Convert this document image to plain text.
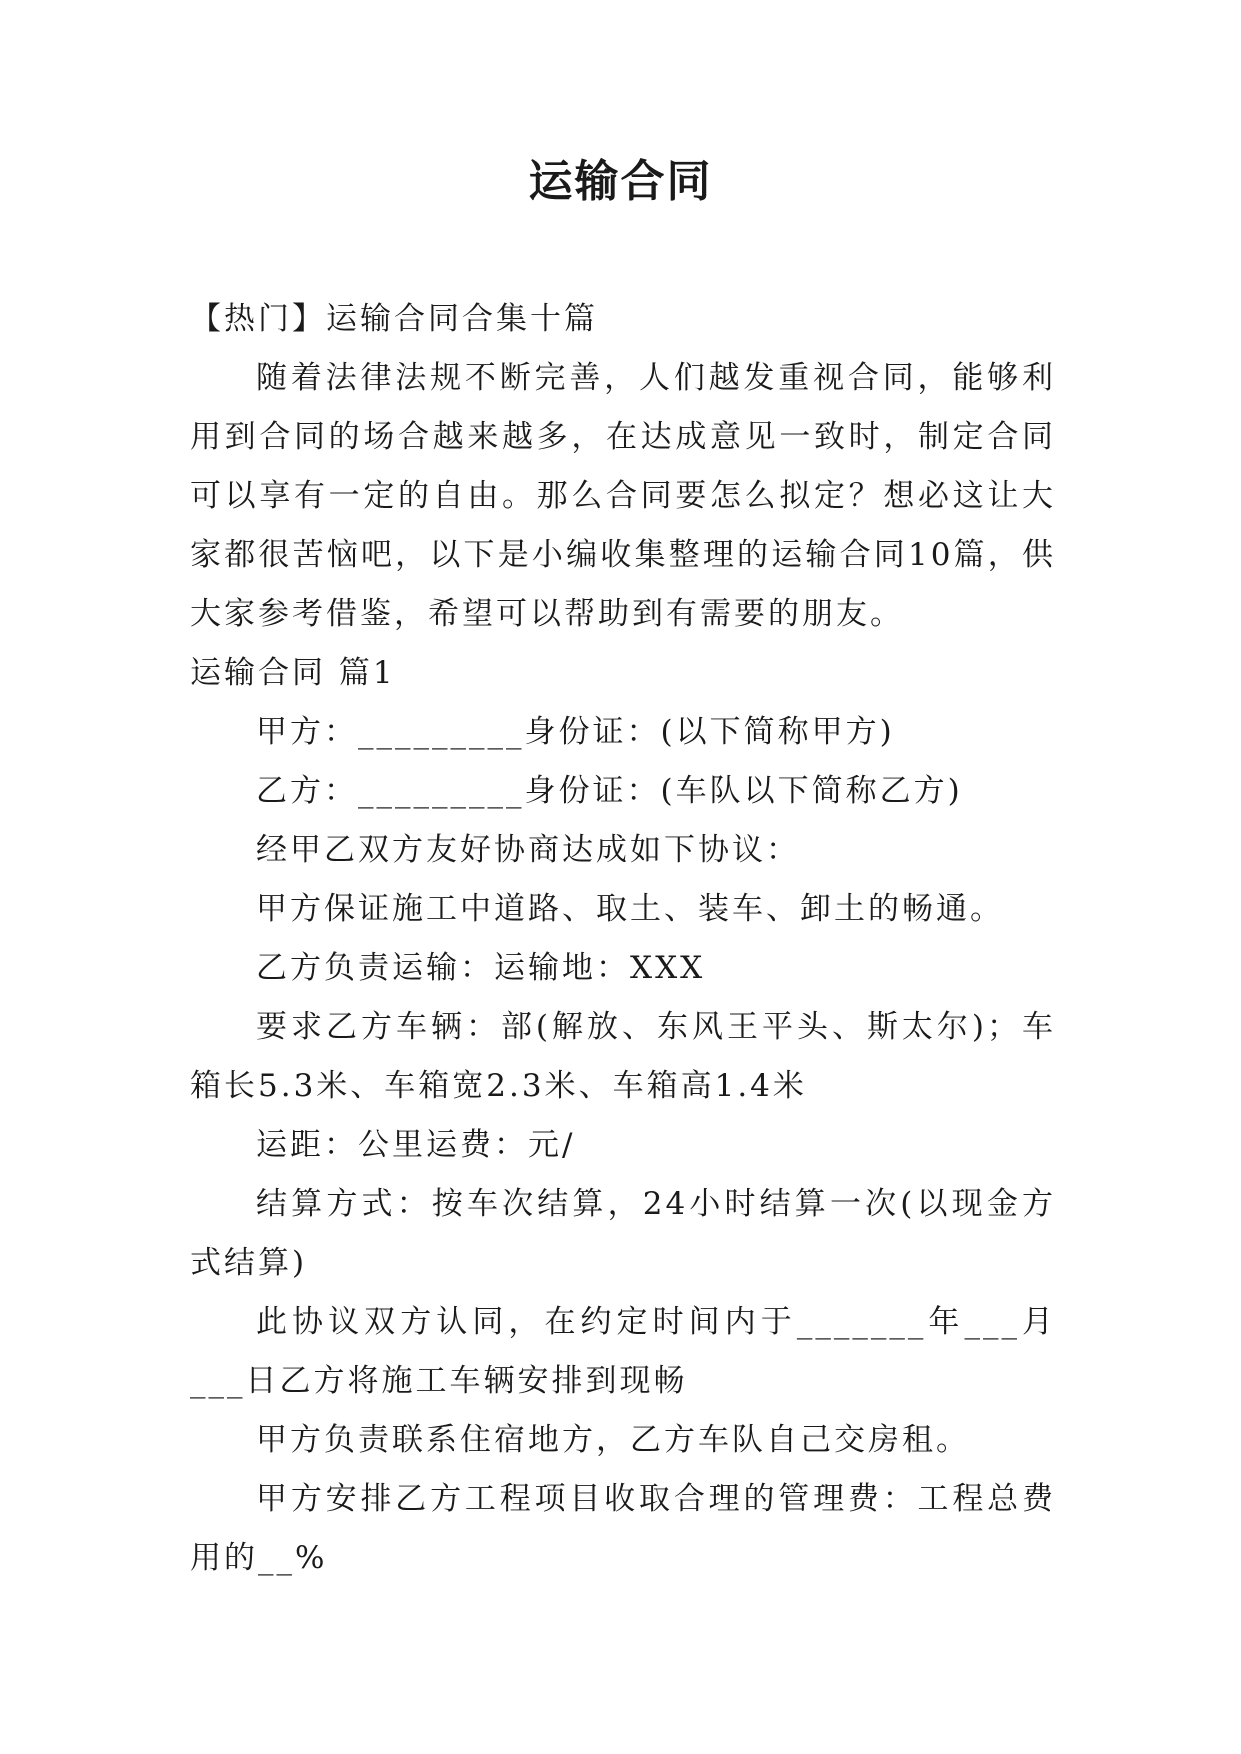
运输合同

【热门】运输合同合集十篇

随着法律法规不断完善，人们越发重视合同，能够利用到合同的场合越来越多，在达成意见一致时，制定合同可以享有一定的自由。那么合同要怎么拟定？想必这让大家都很苦恼吧，以下是小编收集整理的运输合同10篇，供大家参考借鉴，希望可以帮助到有需要的朋友。

运输合同 篇1

甲方：_________身份证：(以下简称甲方)

乙方：_________身份证：(车队以下简称乙方)

经甲乙双方友好协商达成如下协议：

甲方保证施工中道路、取土、装车、卸土的畅通。

乙方负责运输：运输地：XXX

要求乙方车辆：部(解放、东风王平头、斯太尔)；车箱长5.3米、车箱宽2.3米、车箱高1.4米

运距：公里运费：元/

结算方式：按车次结算，24小时结算一次(以现金方式结算)

此协议双方认同，在约定时间内于_______年___月___日乙方将施工车辆安排到现畅

甲方负责联系住宿地方，乙方车队自己交房租。

甲方安排乙方工程项目收取合理的管理费：工程总费用的__%
